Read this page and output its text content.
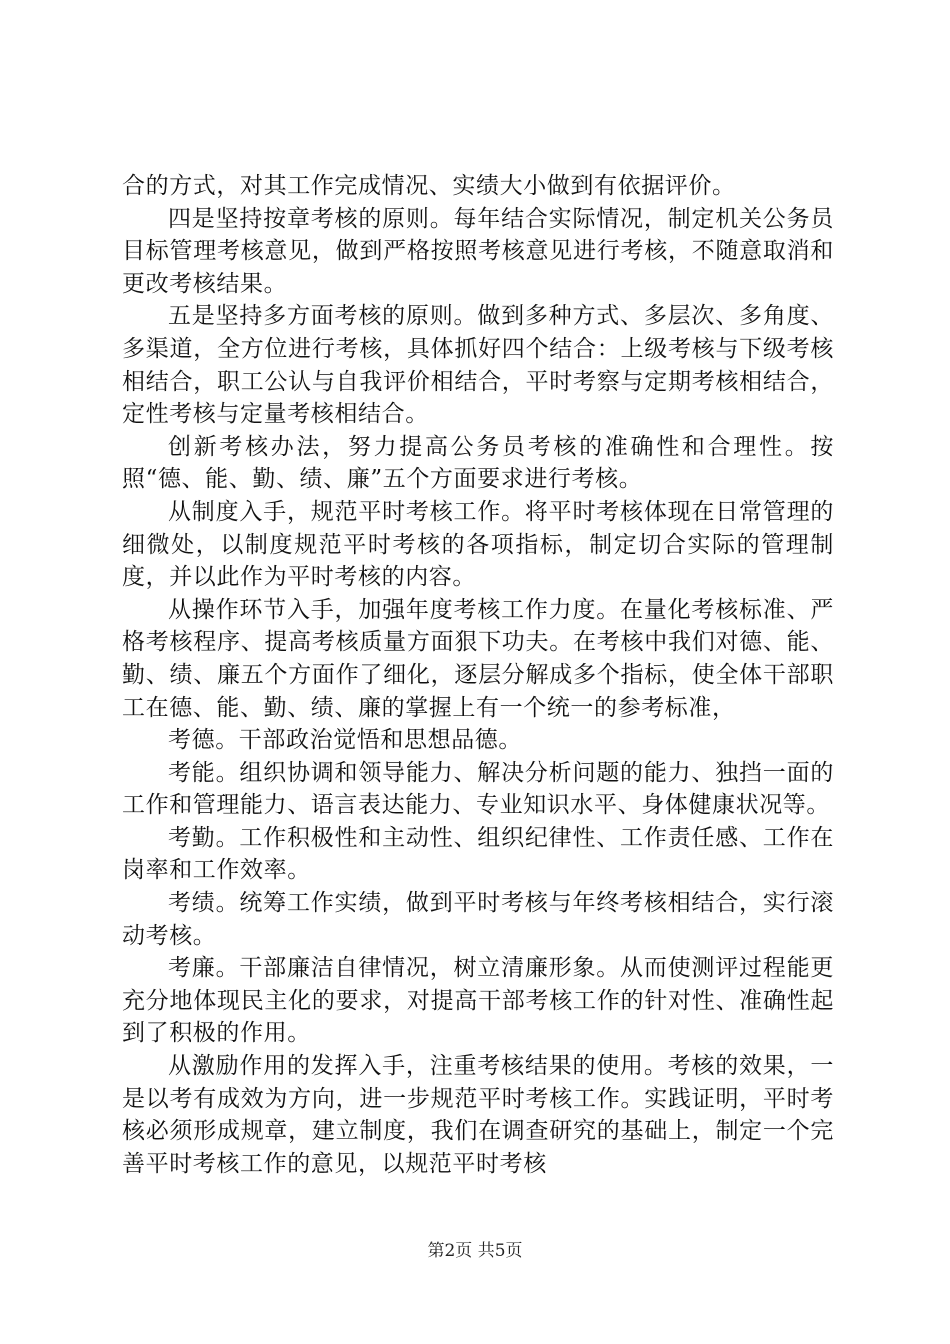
合的方式，对其工作完成情况、实绩大小做到有依据评价。

四是坚持按章考核的原则。每年结合实际情况，制定机关公务员目标管理考核意见，做到严格按照考核意见进行考核，不随意取消和更改考核结果。

五是坚持多方面考核的原则。做到多种方式、多层次、多角度、多渠道，全方位进行考核，具体抓好四个结合：上级考核与下级考核相结合，职工公认与自我评价相结合，平时考察与定期考核相结合，定性考核与定量考核相结合。

创新考核办法，努力提高公务员考核的准确性和合理性。按照“德、能、勤、绩、廉”五个方面要求进行考核。

从制度入手，规范平时考核工作。将平时考核体现在日常管理的细微处，以制度规范平时考核的各项指标，制定切合实际的管理制度，并以此作为平时考核的内容。

从操作环节入手，加强年度考核工作力度。在量化考核标准、严格考核程序、提高考核质量方面狠下功夫。在考核中我们对德、能、勤、绩、廉五个方面作了细化，逐层分解成多个指标，使全体干部职工在德、能、勤、绩、廉的掌握上有一个统一的参考标准，

考德。干部政治觉悟和思想品德。

考能。组织协调和领导能力、解决分析问题的能力、独挡一面的工作和管理能力、语言表达能力、专业知识水平、身体健康状况等。

考勤。工作积极性和主动性、组织纪律性、工作责任感、工作在岗率和工作效率。

考绩。统筹工作实绩，做到平时考核与年终考核相结合，实行滚动考核。

考廉。干部廉洁自律情况，树立清廉形象。从而使测评过程能更充分地体现民主化的要求，对提高干部考核工作的针对性、准确性起到了积极的作用。

从激励作用的发挥入手，注重考核结果的使用。考核的效果，一是以考有成效为方向，进一步规范平时考核工作。实践证明，平时考核必须形成规章，建立制度，我们在调查研究的基础上，制定一个完善平时考核工作的意见，以规范平时考核

第2页 共5页
